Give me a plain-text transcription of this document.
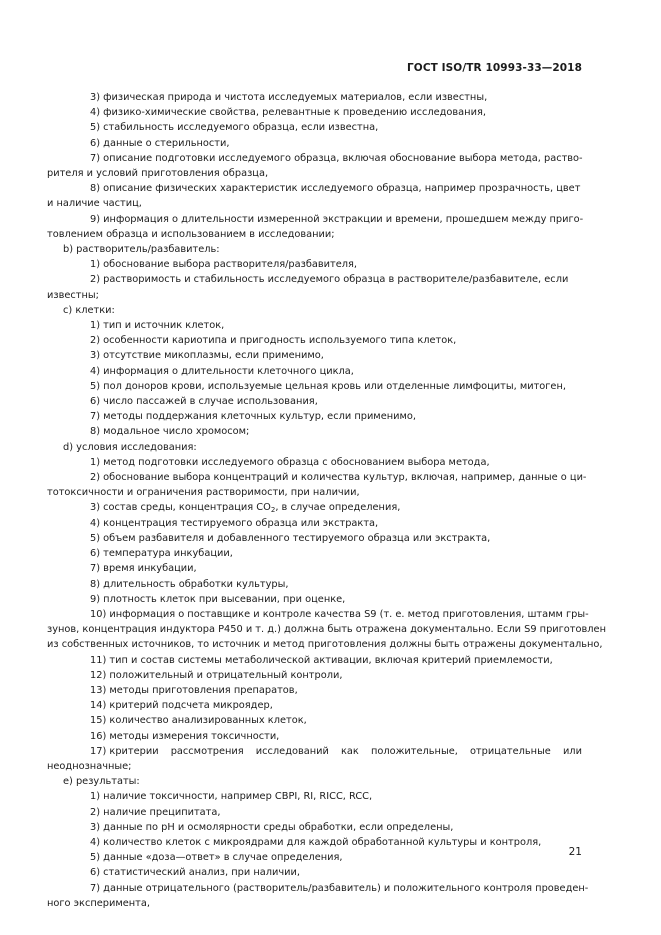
ГОСТ ISO/TR 10993-33—2018
3) физическая природа и чистота исследуемых материалов, если известны,
4) физико-химические свойства, релевантные к проведению исследования,
5) стабильность исследуемого образца, если известна,
6) данные о стерильности,
7) описание подготовки исследуемого образца, включая обоснование выбора метода, раство-
рителя и условий приготовления образца,
8) описание физических характеристик исследуемого образца, например прозрачность, цвет
и наличие частиц,
9) информация о длительности измеренной экстракции и времени, прошедшем между приго-
товлением образца и использованием в исследовании;
b) растворитель/разбавитель:
1) обоснование выбора растворителя/разбавителя,
2) растворимость и стабильность исследуемого образца в растворителе/разбавителе, если
известны;
c) клетки:
1) тип и источник клеток,
2) особенности кариотипа и пригодность используемого типа клеток,
3) отсутствие микоплазмы, если применимо,
4) информация о длительности клеточного цикла,
5) пол доноров крови, используемые цельная кровь или отделенные лимфоциты, митоген,
6) число пассажей в случае использования,
7) методы поддержания клеточных культур, если применимо,
8) модальное число хромосом;
d) условия исследования:
1) метод подготовки исследуемого образца с обоснованием выбора метода,
2) обоснование выбора концентраций и количества культур, включая, например, данные о ци-
тотоксичности и ограничения растворимости, при наличии,
3) состав среды, концентрация $CO_2$, в случае определения,
4) концентрация тестируемого образца или экстракта,
5) объем разбавителя и добавленного тестируемого образца или экстракта,
6) температура инкубации,
7) время инкубации,
8) длительность обработки культуры,
9) плотность клеток при высевании, при оценке,
10) информация о поставщике и контроле качества S9 (т. е. метод приготовления, штамм гры-
зунов, концентрация индуктора P450 и т. д.) должна быть отражена документально. Если S9 приготовлен
из собственных источников, то источник и метод приготовления должны быть отражены документально,
11) тип и состав системы метаболической активации, включая критерий приемлемости,
12) положительный и отрицательный контроли,
13) методы приготовления препаратов,
14) критерий подсчета микроядер,
15) количество анализированных клеток,
16) методы измерения токсичности,
17) критерии рассмотрения исследований как положительные, отрицательные или
неоднозначные;
e) результаты:
1) наличие токсичности, например CBPI, RI, RICC, RCC,
2) наличие преципитата,
3) данные по pH и осмолярности среды обработки, если определены,
4) количество клеток с микроядрами для каждой обработанной культуры и контроля,
5) данные «доза—ответ» в случае определения,
6) статистический анализ, при наличии,
7) данные отрицательного (растворитель/разбавитель) и положительного контроля проведен-
ного эксперимента,
21
